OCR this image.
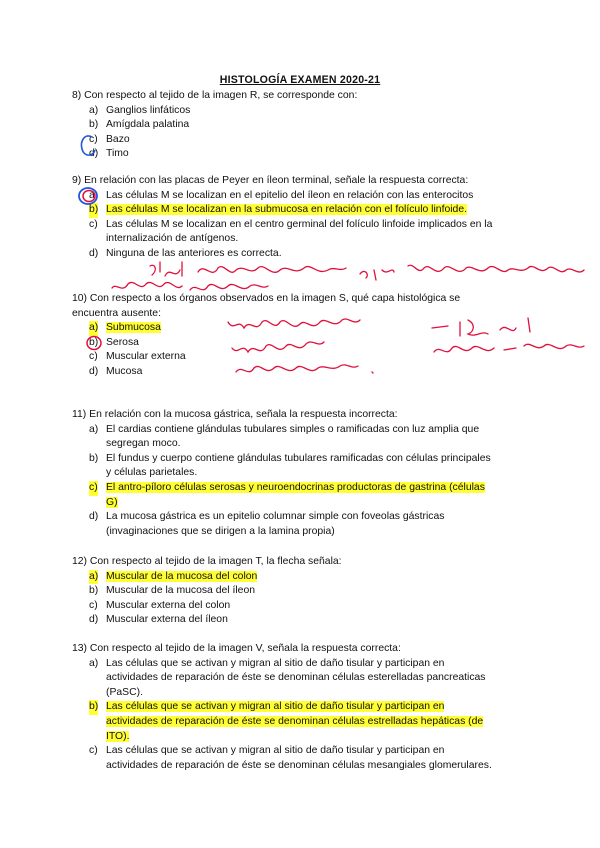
HISTOLOGÍA EXAMEN 2020-21

8) Con respecto al tejido de la imagen R, se corresponde con:

a) Ganglios linfáticos
b) Amígdala palatina
c) Bazo
d) Timo

9) En relación con las placas de Peyer en íleon terminal, señale la respuesta correcta:

a) Las células M se localizan en el epitelio del íleon en relación con las enterocitos
b) Las células M se localizan en la submucosa en relación con el folículo linfoide.
c) Las células M se localizan en el centro germinal del folículo linfoide implicados en la
internalización de antígenos.
d) Ninguna de las anteriores es correcta.

10) Con respecto a los órganos observados en la imagen S, qué capa histológica se

encuentra ausente:

a) Submucosa
b) Serosa
c) Muscular externa
d) Mucosa

11) En relación con la mucosa gástrica, señala la respuesta incorrecta:

a) El cardias contiene glándulas tubulares simples o ramificadas con luz amplia que
segregan moco.
b) El fundus y cuerpo contiene glándulas tubulares ramificadas con células principales
y células parietales.
c) El antro-píloro células serosas y neuroendocrinas productoras de gastrina (células
G)
d) La mucosa gástrica es un epitelio columnar simple con foveolas gástricas
(invaginaciones que se dirigen a la lamina propia)

12) Con respecto al tejido de la imagen T, la flecha señala:

a) Muscular de la mucosa del colon
b) Muscular de la mucosa del íleon
c) Muscular externa del colon
d) Muscular externa del íleon

13) Con respecto al tejido de la imagen V, señala la respuesta correcta:

a) Las células que se activan y migran al sitio de daño tisular y participan en
actividades de reparación de éste se denominan células esterelladas pancreaticas
(PaSC).
b) Las células que se activan y migran al sitio de daño tisular y participan en
actividades de reparación de éste se denominan células estrelladas hepáticas (de
ITO).
c) Las células que se activan y migran al sitio de daño tisular y participan en
actividades de reparación de éste se denominan células mesangiales glomerulares.
